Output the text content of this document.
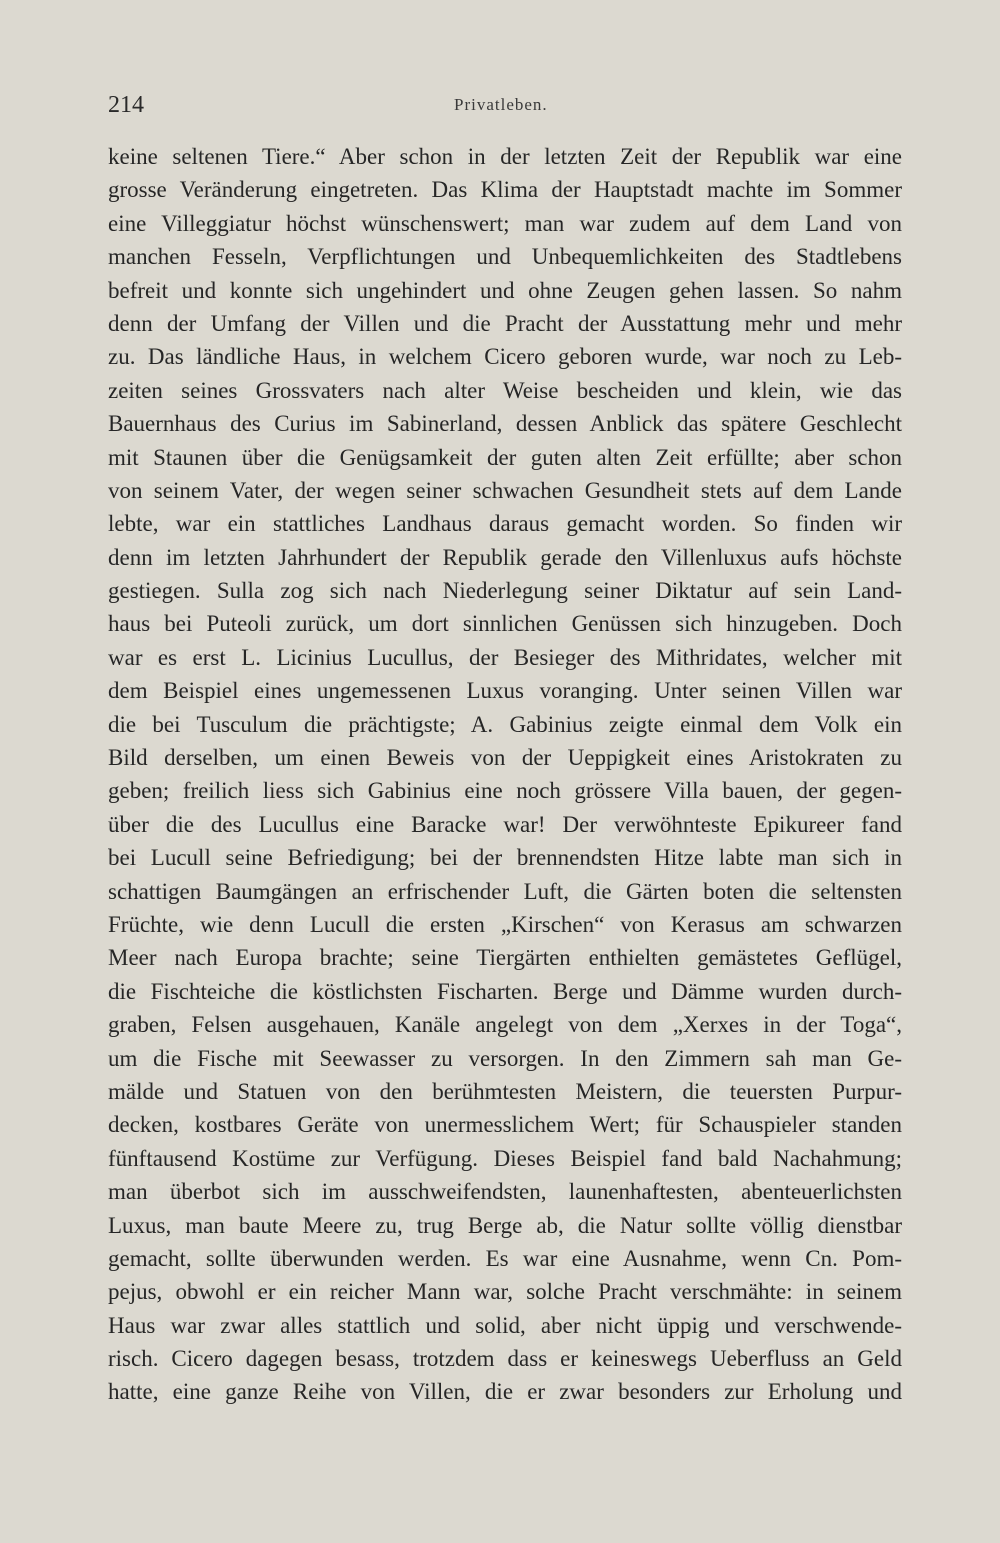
214	Privatleben.
keine seltenen Tiere.“ Aber schon in der letzten Zeit der Republik war eine
grosse Veränderung eingetreten. Das Klima der Hauptstadt machte im Sommer
eine Villeggiatur höchst wünschenswert; man war zudem auf dem Land von
manchen Fesseln, Verpflichtungen und Unbequemlichkeiten des Stadtlebens
befreit und konnte sich ungehindert und ohne Zeugen gehen lassen. So nahm
denn der Umfang der Villen und die Pracht der Ausstattung mehr und mehr
zu. Das ländliche Haus, in welchem Cicero geboren wurde, war noch zu Leb-
zeiten seines Grossvaters nach alter Weise bescheiden und klein, wie das
Bauernhaus des Curius im Sabinerland, dessen Anblick das spätere Geschlecht
mit Staunen über die Genügsamkeit der guten alten Zeit erfüllte; aber schon
von seinem Vater, der wegen seiner schwachen Gesundheit stets auf dem Lande
lebte, war ein stattliches Landhaus daraus gemacht worden. So finden wir
denn im letzten Jahrhundert der Republik gerade den Villenluxus aufs höchste
gestiegen. Sulla zog sich nach Niederlegung seiner Diktatur auf sein Land-
haus bei Puteoli zurück, um dort sinnlichen Genüssen sich hinzugeben. Doch
war es erst L. Licinius Lucullus, der Besieger des Mithridates, welcher mit
dem Beispiel eines ungemessenen Luxus voranging. Unter seinen Villen war
die bei Tusculum die prächtigste; A. Gabinius zeigte einmal dem Volk ein
Bild derselben, um einen Beweis von der Ueppigkeit eines Aristokraten zu
geben; freilich liess sich Gabinius eine noch grössere Villa bauen, der gegen-
über die des Lucullus eine Baracke war! Der verwöhnteste Epikureer fand
bei Lucull seine Befriedigung; bei der brennendsten Hitze labte man sich in
schattigen Baumgängen an erfrischender Luft, die Gärten boten die seltensten
Früchte, wie denn Lucull die ersten „Kirschen“ von Kerasus am schwarzen
Meer nach Europa brachte; seine Tiergärten enthielten gemästetes Geflügel,
die Fischteiche die köstlichsten Fischarten. Berge und Dämme wurden durch-
graben, Felsen ausgehauen, Kanäle angelegt von dem „Xerxes in der Toga“,
um die Fische mit Seewasser zu versorgen. In den Zimmern sah man Ge-
mälde und Statuen von den berühmtesten Meistern, die teuersten Purpur-
decken, kostbares Geräte von unermesslichem Wert; für Schauspieler standen
fünftausend Kostüme zur Verfügung. Dieses Beispiel fand bald Nachahmung;
man überbot sich im ausschweifendsten, launenhaftesten, abenteuerlichsten
Luxus, man baute Meere zu, trug Berge ab, die Natur sollte völlig dienstbar
gemacht, sollte überwunden werden. Es war eine Ausnahme, wenn Cn. Pom-
pejus, obwohl er ein reicher Mann war, solche Pracht verschmähte: in seinem
Haus war zwar alles stattlich und solid, aber nicht üppig und verschwende-
risch. Cicero dagegen besass, trotzdem dass er keineswegs Ueberfluss an Geld
hatte, eine ganze Reihe von Villen, die er zwar besonders zur Erholung und
